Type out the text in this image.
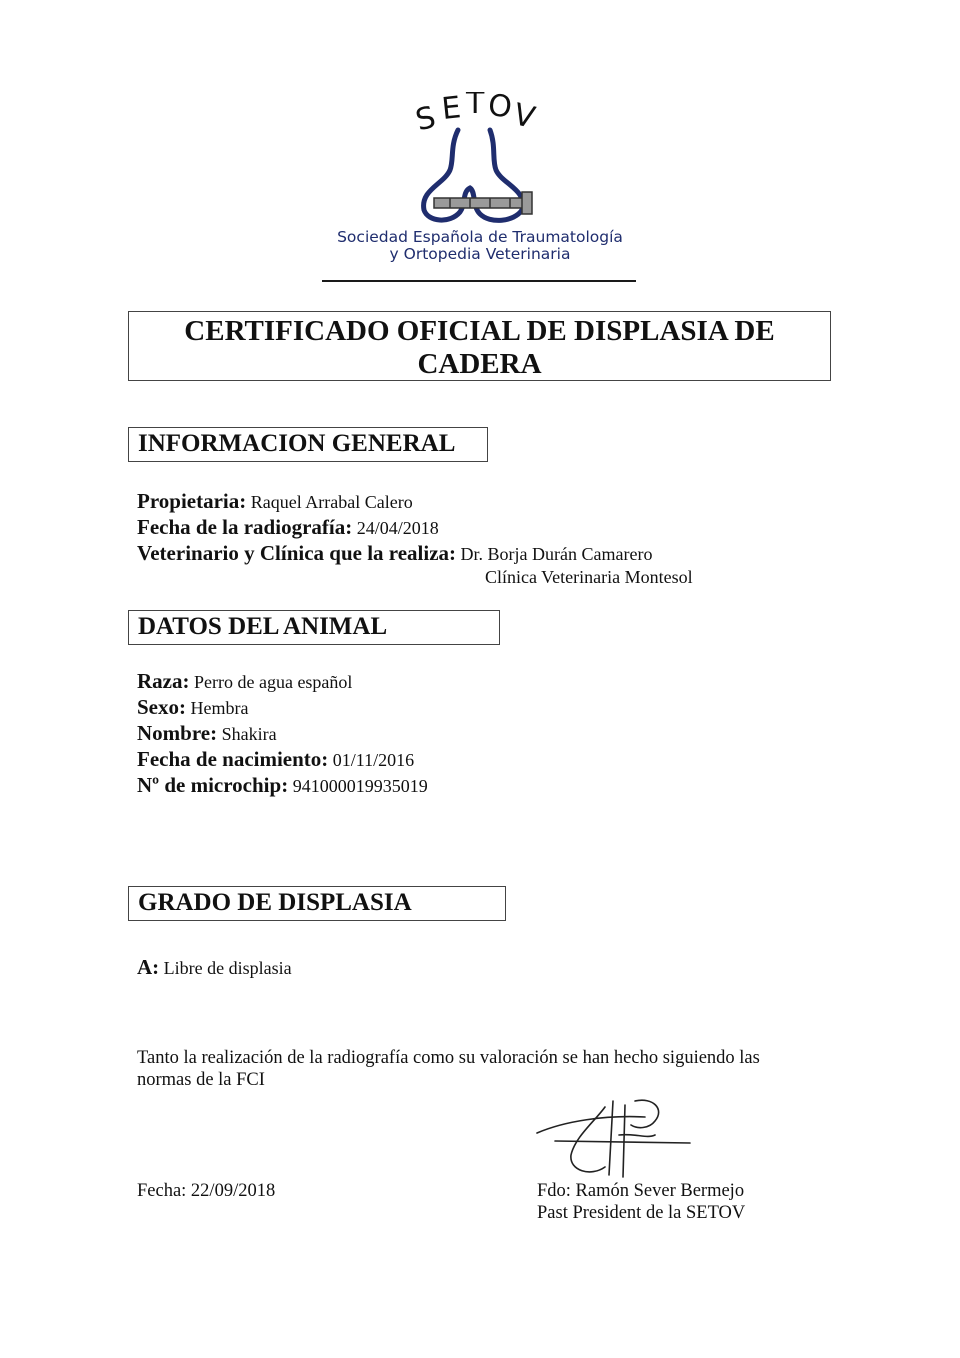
S E T O
V
Sociedad Española de Traumatología
y Ortopedia Veterinaria
CERTIFICADO OFICIAL DE DISPLASIA DE
CADERA
INFORMACION GENERAL
Propietaria: Raquel Arrabal Calero
Fecha de la radiografía: 24/04/2018
Veterinario y Clínica que la realiza: Dr. Borja Durán Camarero
Clínica Veterinaria Montesol
DATOS DEL ANIMAL
Raza: Perro de agua español
Sexo: Hembra
Nombre: Shakira
Fecha de nacimiento: 01/11/2016
Nº de microchip: 941000019935019
GRADO DE DISPLASIA
A: Libre de displasia
Tanto la realización de la radiografía como su valoración se han hecho siguiendo las
normas de la FCI
Fecha: 22/09/2018	Fdo: Ramón Sever Bermejo
Past President de la SETOV
